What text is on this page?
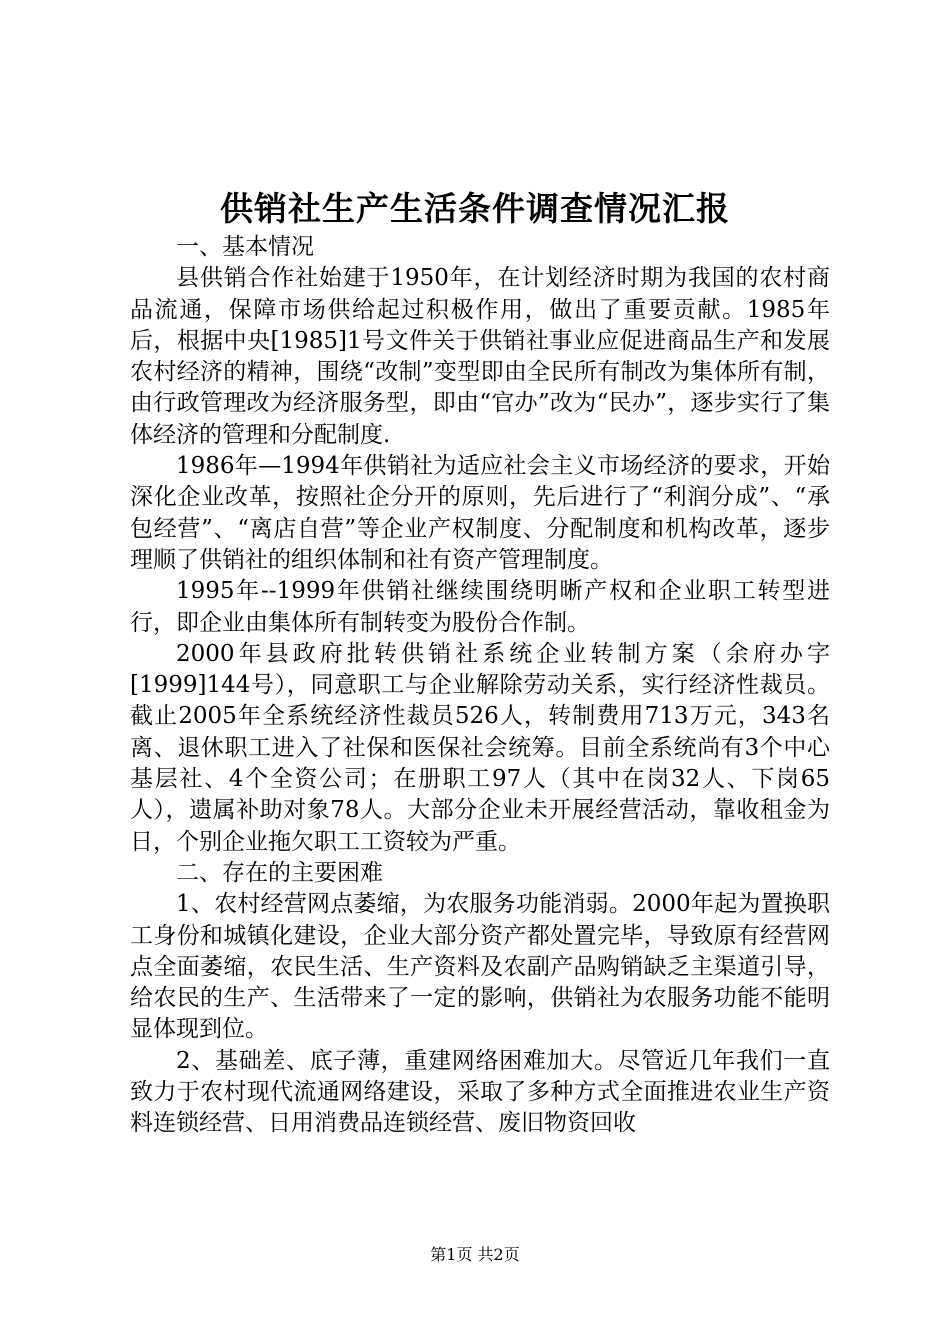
供销社生产生活条件调查情况汇报

一、基本情况

县供销合作社始建于1950年，在计划经济时期为我国的农村商品流通，保障市场供给起过积极作用，做出了重要贡献。1985年后，根据中央[1985]1号文件关于供销社事业应促进商品生产和发展农村经济的精神，围绕“改制”变型即由全民所有制改为集体所有制，由行政管理改为经济服务型，即由“官办”改为“民办”，逐步实行了集体经济的管理和分配制度.

1986年—1994年供销社为适应社会主义市场经济的要求，开始深化企业改革，按照社企分开的原则，先后进行了“利润分成”、“承包经营”、“离店自营”等企业产权制度、分配制度和机构改革，逐步理顺了供销社的组织体制和社有资产管理制度。

1995年--1999年供销社继续围绕明晰产权和企业职工转型进行，即企业由集体所有制转变为股份合作制。

2000年县政府批转供销社系统企业转制方案（余府办字[1999]144号），同意职工与企业解除劳动关系，实行经济性裁员。截止2005年全系统经济性裁员526人，转制费用713万元，343名离、退休职工进入了社保和医保社会统筹。目前全系统尚有3个中心基层社、4个全资公司；在册职工97人（其中在岗32人、下岗65人），遗属补助对象78人。大部分企业未开展经营活动，靠收租金为日，个别企业拖欠职工工资较为严重。

二、存在的主要困难

1、农村经营网点萎缩，为农服务功能消弱。2000年起为置换职工身份和城镇化建设，企业大部分资产都处置完毕，导致原有经营网点全面萎缩，农民生活、生产资料及农副产品购销缺乏主渠道引导，给农民的生产、生活带来了一定的影响，供销社为农服务功能不能明显体现到位。

2、基础差、底子薄，重建网络困难加大。尽管近几年我们一直致力于农村现代流通网络建设，采取了多种方式全面推进农业生产资料连锁经营、日用消费品连锁经营、废旧物资回收

第1页 共2页
